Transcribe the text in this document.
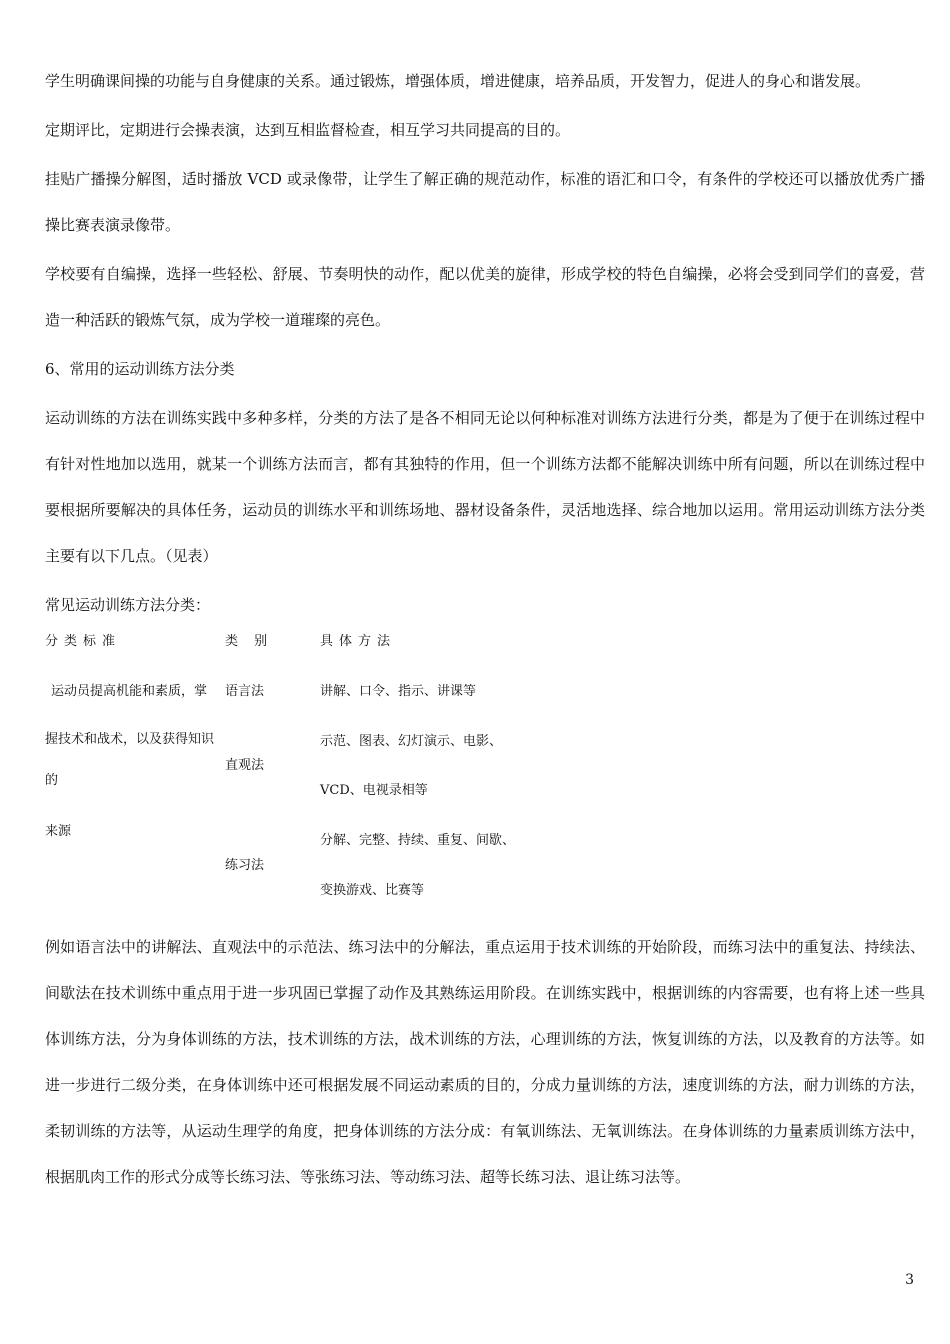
学生明确课间操的功能与自身健康的关系。通过锻炼，增强体质，增进健康，培养品质，开发智力，促进人的身心和谐发展。

定期评比，定期进行会操表演，达到互相监督检查，相互学习共同提高的目的。

挂贴广播操分解图，适时播放 VCD 或录像带，让学生了解正确的规范动作，标准的语汇和口令，有条件的学校还可以播放优秀广播操比赛表演录像带。

学校要有自编操，选择一些轻松、舒展、节奏明快的动作，配以优美的旋律，形成学校的特色自编操，必将会受到同学们的喜爱，营造一种活跃的锻炼气氛，成为学校一道璀璨的亮色。

6、常用的运动训练方法分类

运动训练的方法在训练实践中多种多样，分类的方法了是各不相同无论以何种标准对训练方法进行分类，都是为了便于在训练过程中有针对性地加以选用，就某一个训练方法而言，都有其独特的作用，但一个训练方法都不能解决训练中所有问题，所以在训练过程中要根据所要解决的具体任务，运动员的训练水平和训练场地、器材设备条件，灵活地选择、综合地加以运用。常用运动训练方法分类主要有以下几点。（见表）

常见运动训练方法分类：

分类标准	类 别	具体方法
运动员提高机能和素质，掌
握技术和战术，以及获得知识
的
来源
语言法
直观法
练习法
讲解、口令、指示、讲课等
示范、图表、幻灯演示、电影、
VCD、电视录相等
分解、完整、持续、重复、间歇、
变换游戏、比赛等

例如语言法中的讲解法、直观法中的示范法、练习法中的分解法，重点运用于技术训练的开始阶段，而练习法中的重复法、持续法、间歇法在技术训练中重点用于进一步巩固已掌握了动作及其熟练运用阶段。在训练实践中，根据训练的内容需要，也有将上述一些具体训练方法，分为身体训练的方法，技术训练的方法，战术训练的方法，心理训练的方法，恢复训练的方法，以及教育的方法等。如进一步进行二级分类，在身体训练中还可根据发展不同运动素质的目的，分成力量训练的方法，速度训练的方法，耐力训练的方法，柔韧训练的方法等，从运动生理学的角度，把身体训练的方法分成：有氧训练法、无氧训练法。在身体训练的力量素质训练方法中，根据肌肉工作的形式分成等长练习法、等张练习法、等动练习法、超等长练习法、退让练习法等。

3
